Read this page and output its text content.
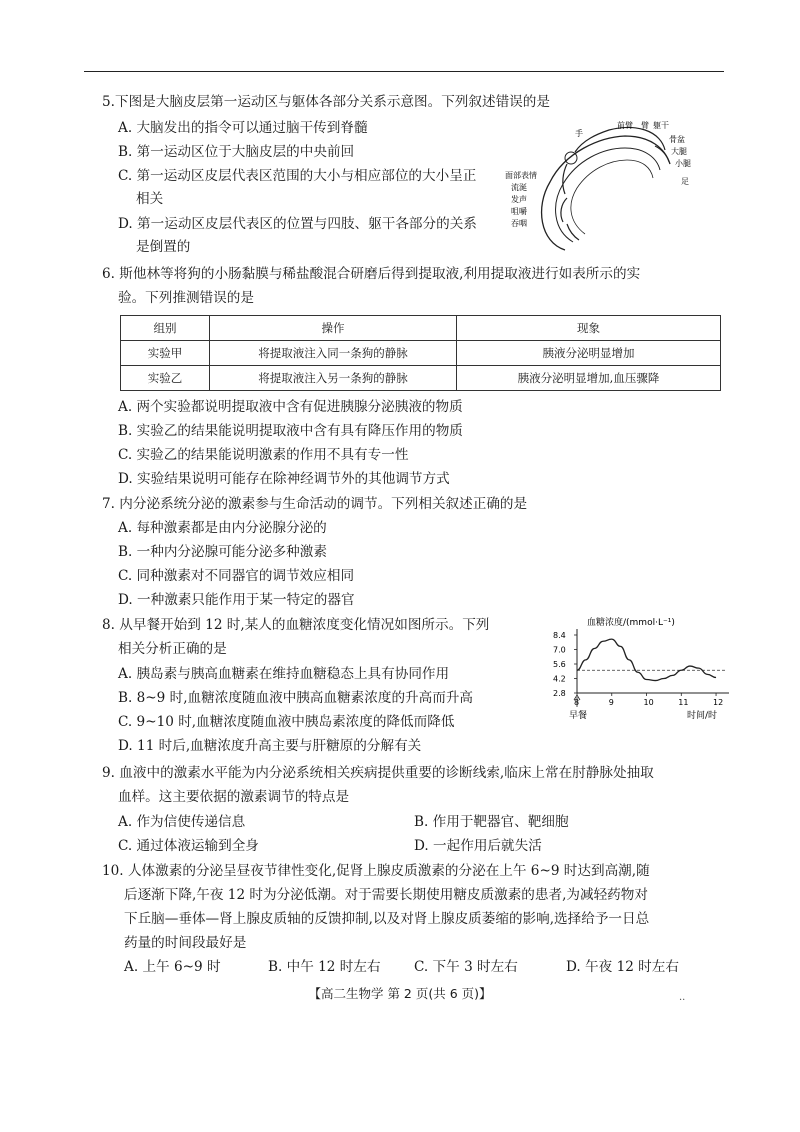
5.下图是大脑皮层第一运动区与躯体各部分关系示意图。下列叙述错误的是
A. 大脑发出的指令可以通过脑干传到脊髓
B. 第一运动区位于大脑皮层的中央前回
C. 第一运动区皮层代表区范围的大小与相应部位的大小呈正
相关
D. 第一运动区皮层代表区的位置与四肢、躯干各部分的关系
是倒置的
手
前臂 臂 躯干
骨盆
大腿
小腿
足
面部表情
流涎
发声
咀嚼
吞咽
6. 斯他林等将狗的小肠黏膜与稀盐酸混合研磨后得到提取液,利用提取液进行如表所示的实
验。下列推测错误的是
组别	操作	现象
实验甲	将提取液注入同一条狗的静脉	胰液分泌明显增加
实验乙	将提取液注入另一条狗的静脉	胰液分泌明显增加,血压骤降
A. 两个实验都说明提取液中含有促进胰腺分泌胰液的物质
B. 实验乙的结果能说明提取液中含有具有降压作用的物质
C. 实验乙的结果能说明激素的作用不具有专一性
D. 实验结果说明可能存在除神经调节外的其他调节方式
7. 内分泌系统分泌的激素参与生命活动的调节。下列相关叙述正确的是
A. 每种激素都是由内分泌腺分泌的
B. 一种内分泌腺可能分泌多种激素
C. 同种激素对不同器官的调节效应相同
D. 一种激素只能作用于某一特定的器官
8. 从早餐开始到 12 时,某人的血糖浓度变化情况如图所示。下列
相关分析正确的是
A. 胰岛素与胰高血糖素在维持血糖稳态上具有协同作用
B. 8~9 时,血糖浓度随血液中胰高血糖素浓度的升高而升高
C. 9~10 时,血糖浓度随血液中胰岛素浓度的降低而降低
D. 11 时后,血糖浓度升高主要与肝糖原的分解有关
血糖浓度/(mmol·L⁻¹)
8.4
7.0
5.6
4.2
2.8
8	9	10	11	12
早餐	时间/时
9. 血液中的激素水平能为内分泌系统相关疾病提供重要的诊断线索,临床上常在肘静脉处抽取
血样。这主要依据的激素调节的特点是
A. 作为信使传递信息	B. 作用于靶器官、靶细胞
C. 通过体液运输到全身	D. 一起作用后就失活
10. 人体激素的分泌呈昼夜节律性变化,促肾上腺皮质激素的分泌在上午 6~9 时达到高潮,随
后逐渐下降,午夜 12 时为分泌低潮。对于需要长期使用糖皮质激素的患者,为减轻药物对
下丘脑—垂体—肾上腺皮质轴的反馈抑制,以及对肾上腺皮质萎缩的影响,选择给予一日总
药量的时间段最好是
A. 上午 6~9 时	B. 中午 12 时左右 C. 下午 3 时左右	D. 午夜 12 时左右
【高二生物学 第 2 页(共 6 页)】	··
